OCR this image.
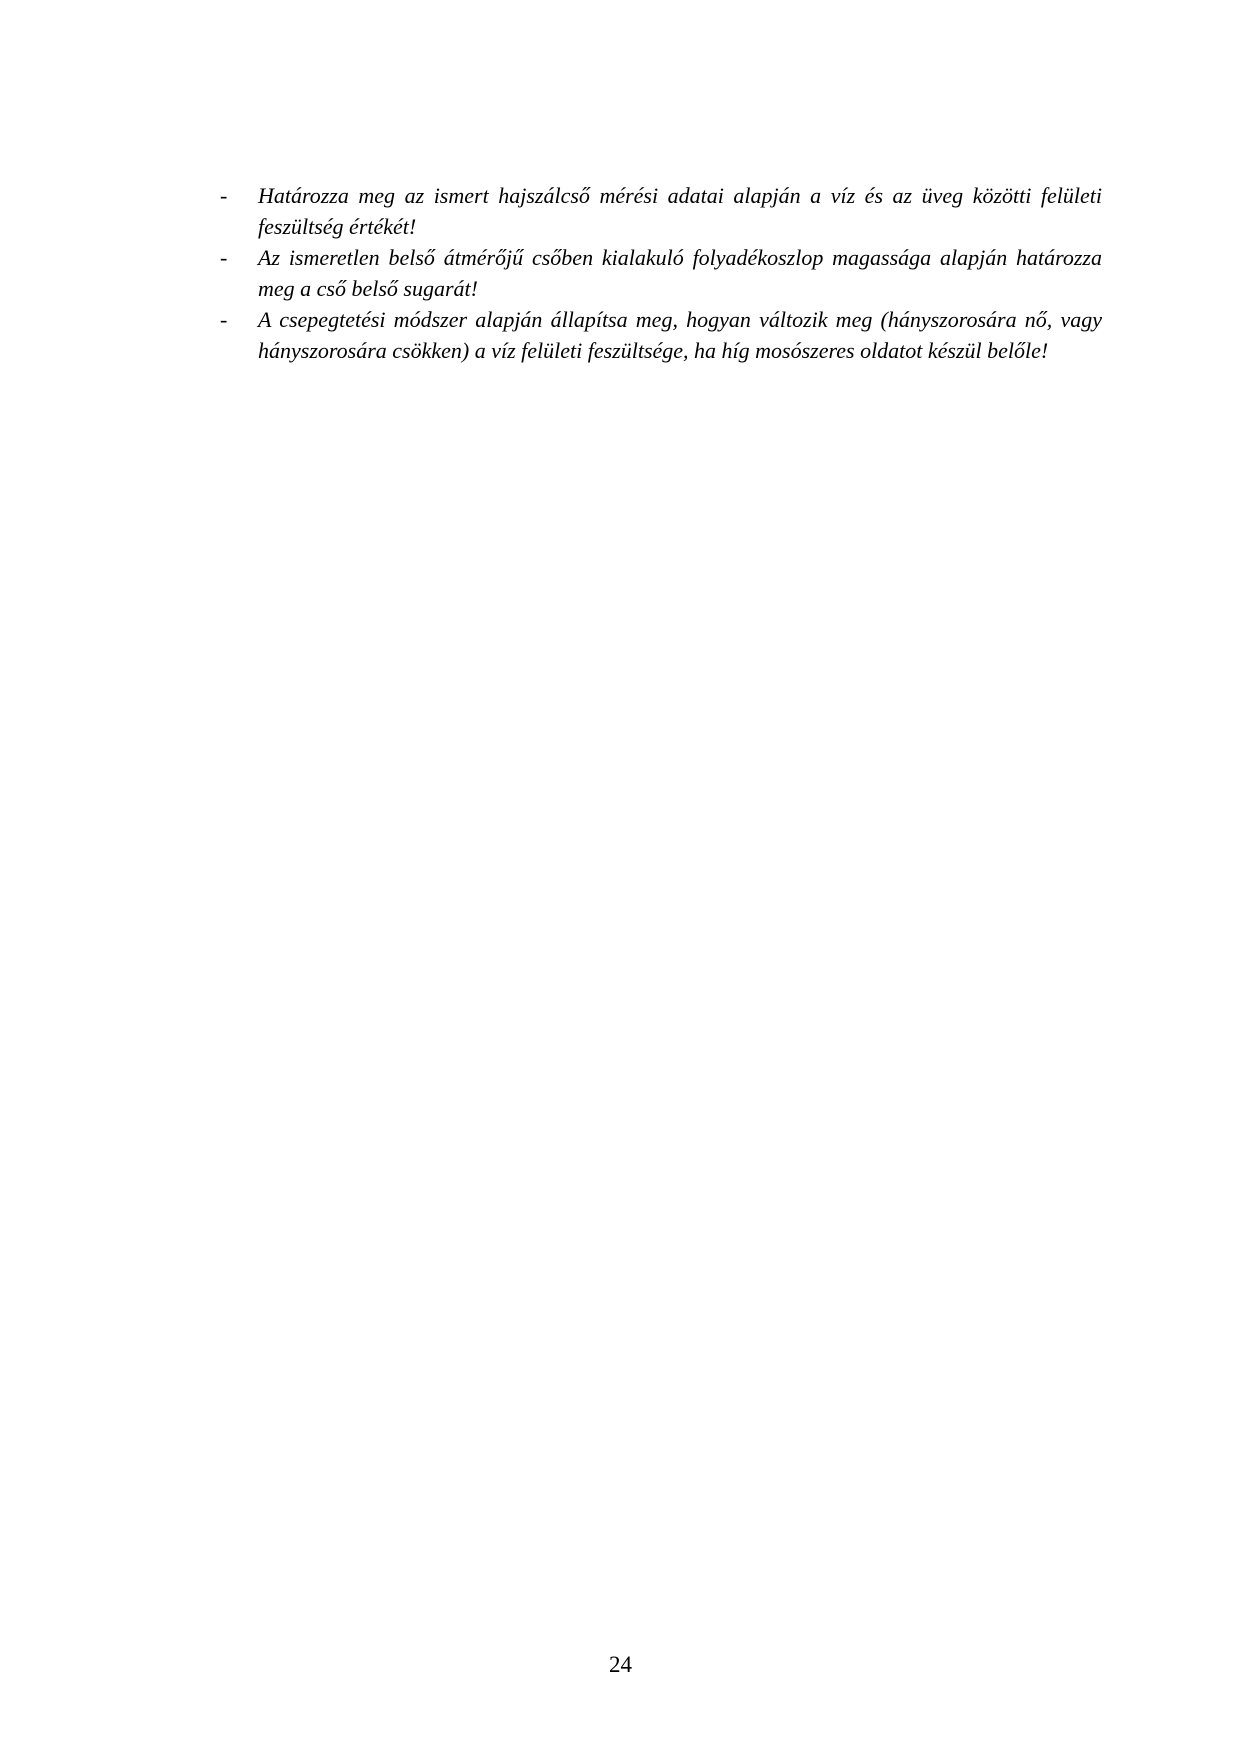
- Határozza meg az ismert hajszálcső mérési adatai alapján a víz és az üveg közötti felületi feszültség értékét!
- Az ismeretlen belső átmérőjű csőben kialakuló folyadékoszlop magassága alapján határozza meg a cső belső sugarát!
- A csepegtetési módszer alapján állapítsa meg, hogyan változik meg (hányszorosára nő, vagy hányszorosára csökken) a víz felületi feszültsége, ha híg mosószeres oldatot készül belőle!
24
